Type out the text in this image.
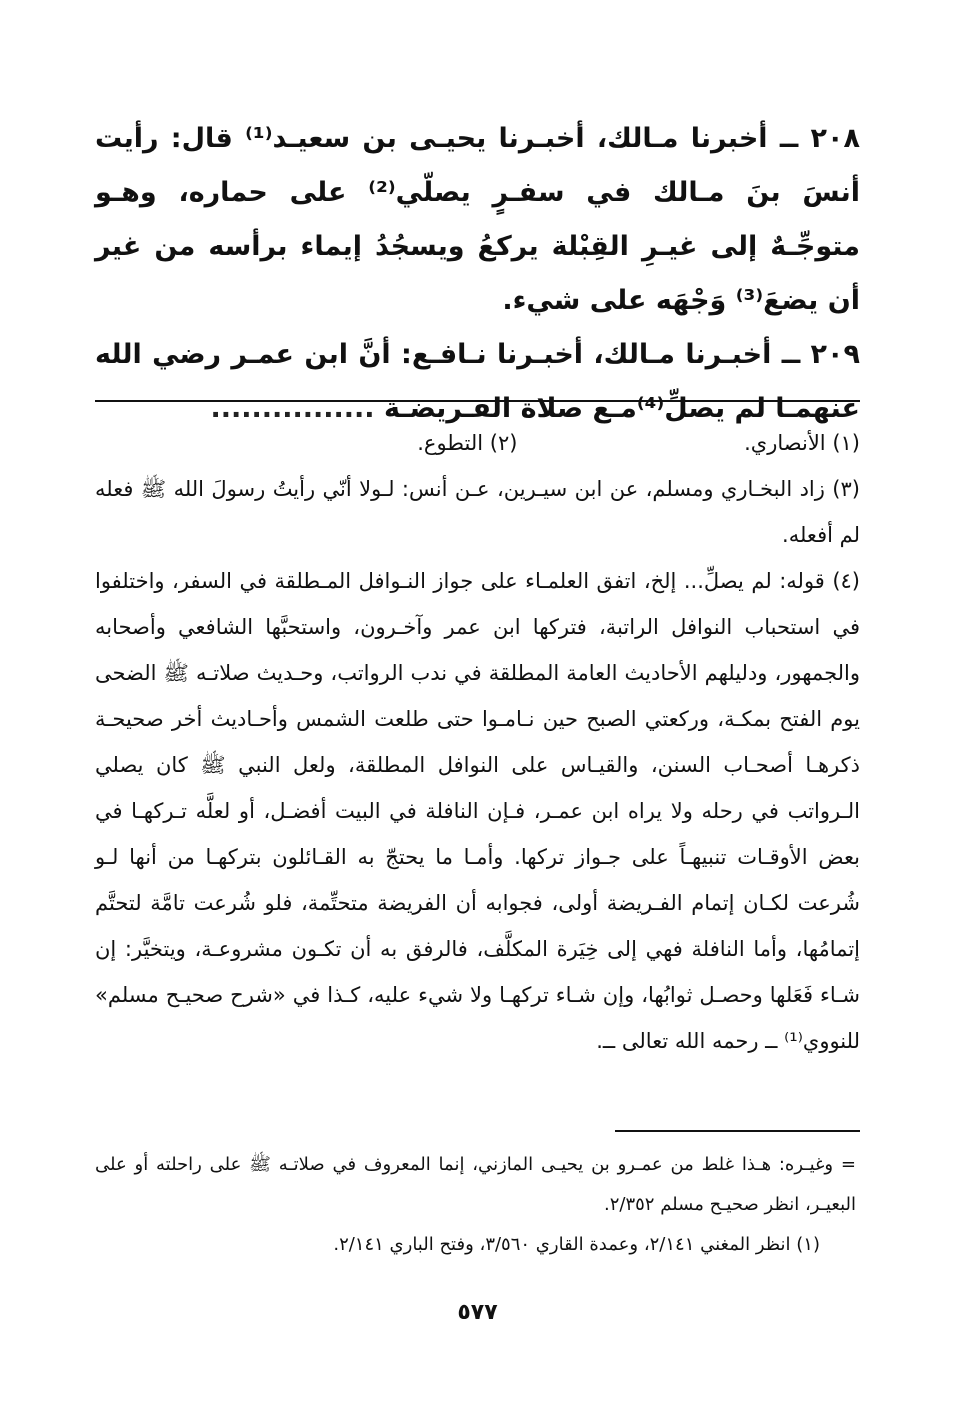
٢٠٨ ــ أخبرنا مـالك، أخبـرنا يحيـى بن سعيـد⁽¹⁾ قال: رأيت أنسَ بنَ مـالك في سفـرٍ يصلّي⁽²⁾ على حماره، وهـو متوجِّـهٌ إلى غيـرِ القِبْلة يركعُ ويسجُدُ إيماء برأسه من غير أن يضعَ⁽³⁾ وَجْهَه على شيء.

٢٠٩ ــ أخبـرنا مـالك، أخبـرنا نـافـع: أنَّ ابن عمـر رضي الله عنهمـا لم يصلِّ⁽⁴⁾مـع صلاة الفـريضـة ................

(١) الأنصاري. (٢) التطوع.

(٣) زاد البخـاري ومسلم، عن ابن سيـرين، عـن أنس: لـولا أنّي رأيتُ رسولَ الله ﷺ فعله لم أفعله.

(٤) قوله: لم يصلِّ... إلخ، اتفق العلمـاء على جواز النـوافل المـطلقة في السفر، واختلفوا في استحباب النوافل الراتبة، فتركها ابن عمر وآخـرون، واستحبَّها الشافعي وأصحابه والجمهور، ودليلهم الأحاديث العامة المطلقة في ندب الرواتب، وحـديث صلاتـه ﷺ الضحى يوم الفتح بمكـة، وركعتي الصبح حين نـامـوا حتى طلعت الشمس وأحـاديث أخر صحيحـة ذكرهـا أصحـاب السنن، والقيـاس على النوافل المطلقة، ولعل النبي ﷺ كان يصلي الـرواتب في رحله ولا يراه ابن عمـر، فـإن النافلة في البيت أفضـل، أو لعلَّه تـركهـا في بعض الأوقـات تنبيهـاً على جـواز تركها. وأمـا ما يحتجّ به القـائلون بتركهـا من أنها لـو شُرعت لكـان إتمام الفـريضة أولى، فجوابه أن الفريضة متحتِّمة، فلو شُرعت تامَّة لتحتَّم إتمامُها، وأما النافلة فهي إلى خِيَرة المكلَّف، فالرفق به أن تكـون مشروعـة، ويتخيَّر: إن شـاء فَعَلها وحصـل ثوابُها، وإن شـاء تركهـا ولا شيء عليه، كـذا في «شرح صحيـح مسلم» للنووي⁽¹⁾ ــ رحمه الله تعالى ــ.

= وغيـره: هـذا غلط من عمـرو بن يحيـى المازني، إنما المعروف في صلاتـه ﷺ على راحلته أو على البعيـر، انظر صحيـح مسلم ٢/٣٥٢.

(١) انظر المغني ٢/١٤١، وعمدة القاري ٣/٥٦٠، وفتح الباري ٢/١٤١.

٥٧٧
